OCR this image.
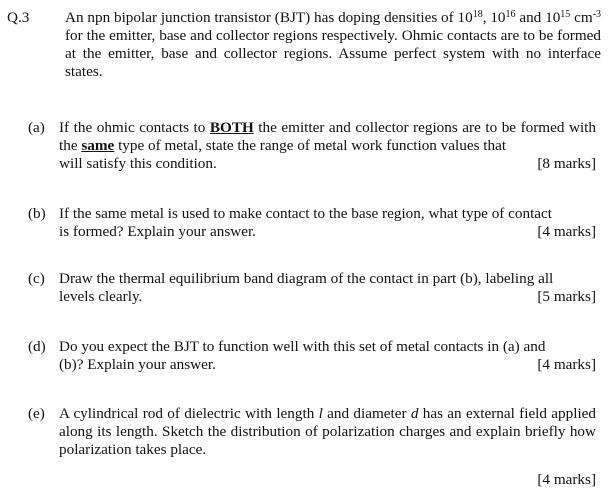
Q.3 An npn bipolar junction transistor (BJT) has doping densities of $10^{18}$, $10^{16}$ and $10^{15}$ $cm^{-3}$ for the emitter, base and collector regions respectively. Ohmic contacts are to be formed at the emitter, base and collector regions. Assume perfect system with no interface states.
(a) If the ohmic contacts to BOTH the emitter and collector regions are to be formed with the same type of metal, state the range of metal work function values that
will satisfy this condition.	[8 marks]
(b) If the same metal is used to make contact to the base region, what type of contact
is formed? Explain your answer.	[4 marks]
(c) Draw the thermal equilibrium band diagram of the contact in part (b), labeling all
levels clearly.	[5 marks]
(d) Do you expect the BJT to function well with this set of metal contacts in (a) and
(b)? Explain your answer.	[4 marks]
(e) A cylindrical rod of dielectric with length l and diameter d has an external field applied along its length. Sketch the distribution of polarization charges and explain briefly how polarization takes place.
[4 marks]
